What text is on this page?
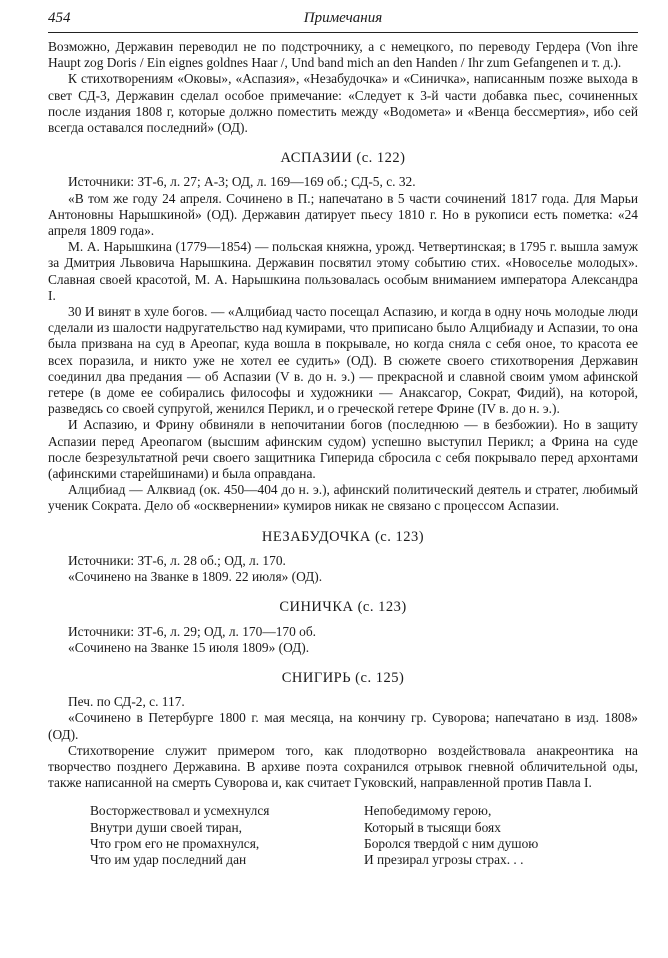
454	Примечания

Возможно, Державин переводил не по подстрочнику, а с немецкого, по переводу Гердера (Von ihre Haupt zog Doris / Ein eignes goldnes Haar /, Und band mich an den Handen / Ihr zum Gefangenen и т. д.).

К стихотворениям «Оковы», «Аспазия», «Незабудочка» и «Синичка», написанным позже выхода в свет СД-3, Державин сделал особое примечание: «Следует к 3-й части добавка пьес, сочиненных после издания 1808 г, которые должно поместить между «Водомета» и «Венца бессмертия», ибо сей всегда оставался последний» (ОД).

АСПАЗИИ (с. 122)

Источники: ЗТ-6, л. 27; А-3; ОД, л. 169—169 об.; СД-5, с. 32.

«В том же году 24 апреля. Сочинено в П.; напечатано в 5 части сочинений 1817 года. Для Марьи Антоновны Нарышкиной» (ОД). Державин датирует пьесу 1810 г. Но в рукописи есть пометка: «24 апреля 1809 года».

М. А. Нарышкина (1779—1854) — польская княжна, урожд. Четвертинская; в 1795 г. вышла замуж за Дмитрия Львовича Нарышкина. Державин посвятил этому событию стих. «Новоселье молодых». Славная своей красотой, М. А. Нарышкина пользовалась особым вниманием императора Александра I.

30 И винят в хуле богов. — «Алцибиад часто посещал Аспазию, и когда в одну ночь молодые люди сделали из шалости надругательство над кумирами, что приписано было Алцибиаду и Аспазии, то она была призвана на суд в Ареопаг, куда вошла в покрывале, но когда сняла с себя оное, то красота ее всех поразила, и никто уже не хотел ее судить» (ОД). В сюжете своего стихотворения Державин соединил два предания — об Аспазии (V в. до н. э.) — прекрасной и славной своим умом афинской гетере (в доме ее собирались философы и художники — Анаксагор, Сократ, Фидий), на которой, разведясь со своей супругой, женился Перикл, и о греческой гетере Фрине (IV в. до н. э.).

И Аспазию, и Фрину обвиняли в непочитании богов (последнюю — в безбожии). Но в защиту Аспазии перед Ареопагом (высшим афинским судом) успешно выступил Перикл; а Фрина на суде после безрезультатной речи своего защитника Гиперида сбросила с себя покрывало перед архонтами (афинскими старейшинами) и была оправдана.

Алцибиад — Алквиад (ок. 450—404 до н. э.), афинский политический деятель и стратег, любимый ученик Сократа. Дело об «осквернении» кумиров никак не связано с процессом Аспазии.

НЕЗАБУДОЧКА (с. 123)

Источники: ЗТ-6, л. 28 об.; ОД, л. 170.

«Сочинено на Званке в 1809. 22 июля» (ОД).

СИНИЧКА (с. 123)

Источники: ЗТ-6, л. 29; ОД, л. 170—170 об.

«Сочинено на Званке 15 июля 1809» (ОД).

СНИГИРЬ (с. 125)

Печ. по СД-2, с. 117.

«Сочинено в Петербурге 1800 г. мая месяца, на кончину гр. Суворова; напечатано в изд. 1808» (ОД).

Стихотворение служит примером того, как плодотворно воздействовала анакреонтика на творчество позднего Державина. В архиве поэта сохранился отрывок гневной обличительной оды, также написанной на смерть Суворова и, как считает Гуковский, направленной против Павла I.

Восторжествовал и усмехнулся
Внутри души своей тиран,
Что гром его не промахнулся,
Что им удар последний дан
Непобедимому герою,
Который в тысящи боях
Боролся твердой с ним душою
И презирал угрозы страх. . .
